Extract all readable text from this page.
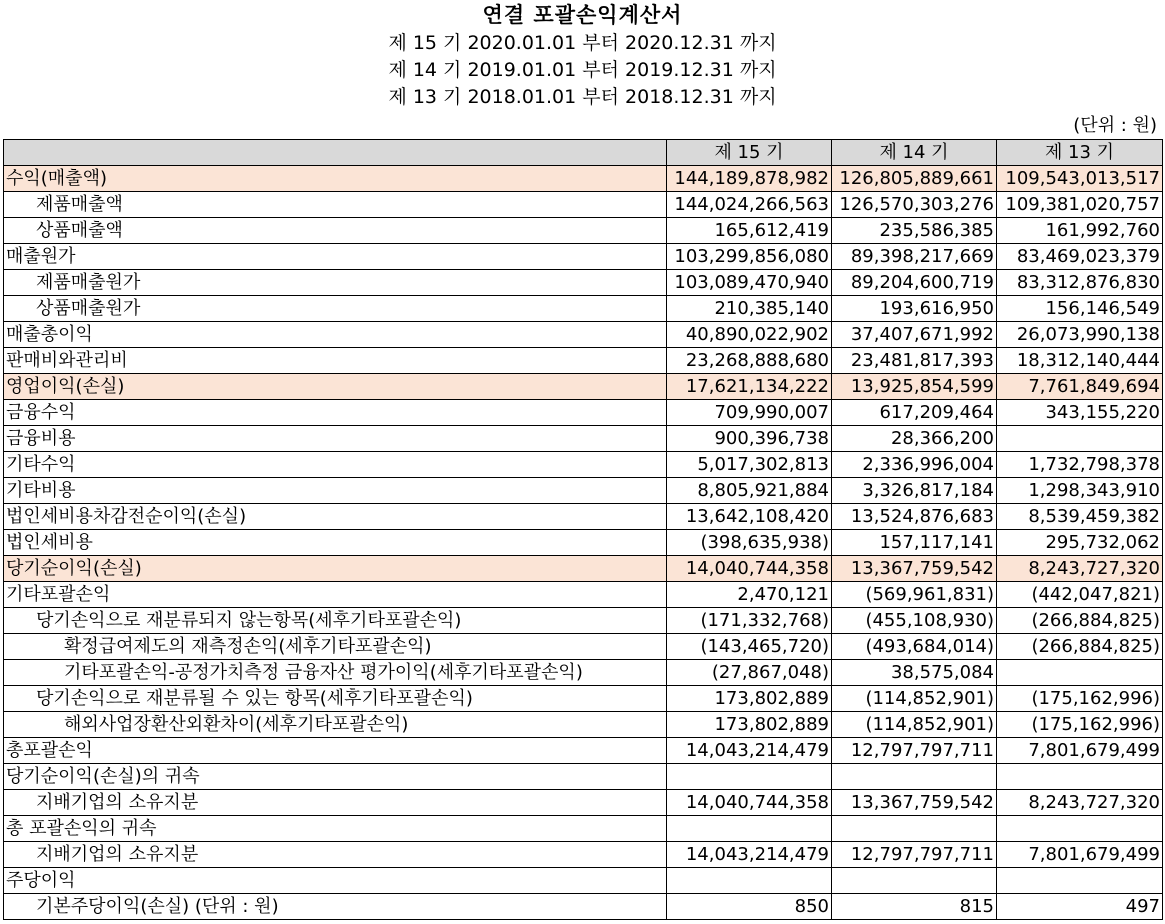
연결 포괄손익계산서
제 15 기 2020.01.01 부터 2020.12.31 까지
제 14 기 2019.01.01 부터 2019.12.31 까지
제 13 기 2018.01.01 부터 2018.12.31 까지
(단위 : 원)
	제 15 기	제 14 기	제 13 기
수익(매출액)	144,189,878,982	126,805,889,661	109,543,013,517
제품매출액	144,024,266,563	126,570,303,276	109,381,020,757
상품매출액	165,612,419	235,586,385	161,992,760
매출원가	103,299,856,080	89,398,217,669	83,469,023,379
제품매출원가	103,089,470,940	89,204,600,719	83,312,876,830
상품매출원가	210,385,140	193,616,950	156,146,549
매출총이익	40,890,022,902	37,407,671,992	26,073,990,138
판매비와관리비	23,268,888,680	23,481,817,393	18,312,140,444
영업이익(손실)	17,621,134,222	13,925,854,599	7,761,849,694
금융수익	709,990,007	617,209,464	343,155,220
금융비용	900,396,738	28,366,200	
기타수익	5,017,302,813	2,336,996,004	1,732,798,378
기타비용	8,805,921,884	3,326,817,184	1,298,343,910
법인세비용차감전순이익(손실)	13,642,108,420	13,524,876,683	8,539,459,382
법인세비용	(398,635,938)	157,117,141	295,732,062
당기순이익(손실)	14,040,744,358	13,367,759,542	8,243,727,320
기타포괄손익	2,470,121	(569,961,831)	(442,047,821)
당기손익으로 재분류되지 않는항목(세후기타포괄손익)	(171,332,768)	(455,108,930)	(266,884,825)
확정급여제도의 재측정손익(세후기타포괄손익)	(143,465,720)	(493,684,014)	(266,884,825)
기타포괄손익-공정가치측정 금융자산 평가이익(세후기타포괄손익)	(27,867,048)	38,575,084	
당기손익으로 재분류될 수 있는 항목(세후기타포괄손익)	173,802,889	(114,852,901)	(175,162,996)
해외사업장환산외환차이(세후기타포괄손익)	173,802,889	(114,852,901)	(175,162,996)
총포괄손익	14,043,214,479	12,797,797,711	7,801,679,499
당기순이익(손실)의 귀속			
지배기업의 소유지분	14,040,744,358	13,367,759,542	8,243,727,320
총 포괄손익의 귀속			
지배기업의 소유지분	14,043,214,479	12,797,797,711	7,801,679,499
주당이익			
기본주당이익(손실) (단위 : 원)	850	815	497
